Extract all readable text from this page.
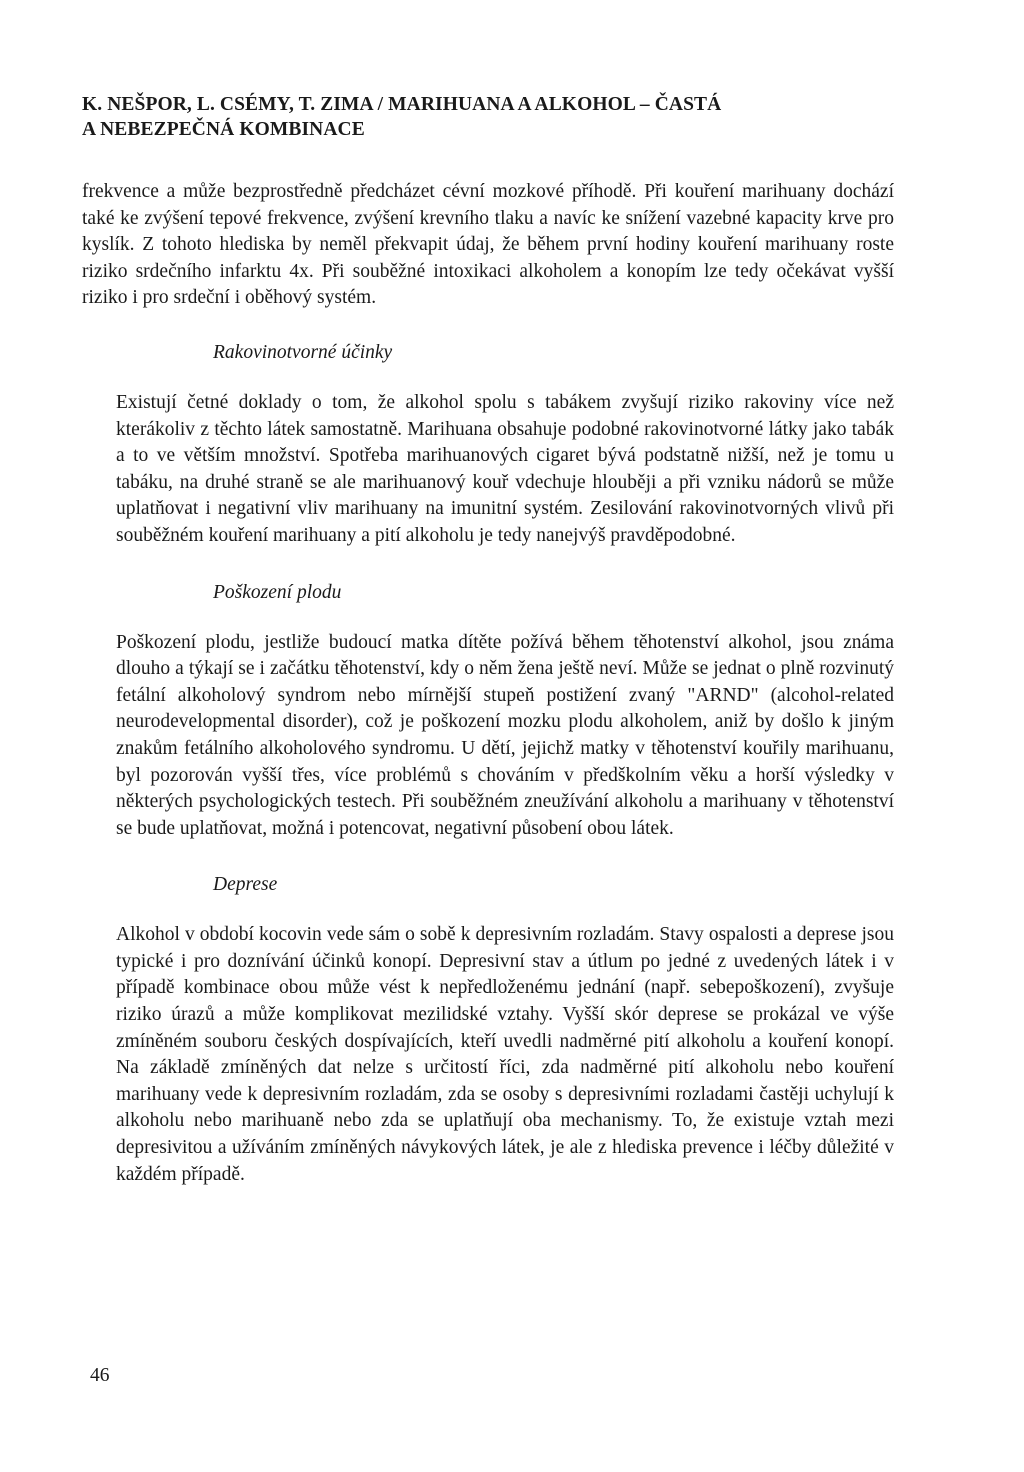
K. NEŠPOR, L. CSÉMY, T. ZIMA / MARIHUANA A ALKOHOL – ČASTÁ
A NEBEZPEČNÁ KOMBINACE

frekvence a může bezprostředně předcházet cévní mozkové příhodě. Při kouření marihuany dochází také ke zvýšení tepové frekvence, zvýšení krevního tlaku a navíc ke snížení vazebné kapacity krve pro kyslík. Z tohoto hlediska by neměl překvapit údaj, že během první hodiny kouření marihuany roste riziko srdečního infarktu 4x. Při souběžné intoxikaci alkoholem a konopím lze tedy očekávat vyšší riziko i pro srdeční i oběhový systém.

Rakovinotvorné účinky

Existují četné doklady o tom, že alkohol spolu s tabákem zvyšují riziko rakoviny více než kterákoliv z těchto látek samostatně. Marihuana obsahuje podobné rakovinotvorné látky jako tabák a to ve větším množství. Spotřeba marihuanových cigaret bývá podstatně nižší, než je tomu u tabáku, na druhé straně se ale marihuanový kouř vdechuje hlouběji a při vzniku nádorů se může uplatňovat i negativní vliv marihuany na imunitní systém. Zesilování rakovinotvorných vlivů při souběžném kouření marihuany a pití alkoholu je tedy nanejvýš pravděpodobné.

Poškození plodu

Poškození plodu, jestliže budoucí matka dítěte požívá během těhotenství alkohol, jsou známa dlouho a týkají se i začátku těhotenství, kdy o něm žena ještě neví. Může se jednat o plně rozvinutý fetální alkoholový syndrom nebo mírnější stupeň postižení zvaný "ARND" (alcohol-related neurodevelopmental disorder), což je poškození mozku plodu alkoholem, aniž by došlo k jiným znakům fetálního alkoholového syndromu. U dětí, jejichž matky v těhotenství kouřily marihuanu, byl pozorován vyšší třes, více problémů s chováním v předškolním věku a horší výsledky v některých psychologických testech. Při souběžném zneužívání alkoholu a marihuany v těhotenství se bude uplatňovat, možná i potencovat, negativní působení obou látek.

Deprese

Alkohol v období kocovin vede sám o sobě k depresivním rozladám. Stavy ospalosti a deprese jsou typické i pro doznívání účinků konopí. Depresivní stav a útlum po jedné z uvedených látek i v případě kombinace obou může vést k nepředloženému jednání (např. sebepoškození), zvyšuje riziko úrazů a může komplikovat mezilidské vztahy. Vyšší skór deprese se prokázal ve výše zmíněném souboru českých dospívajících, kteří uvedli nadměrné pití alkoholu a kouření konopí. Na základě zmíněných dat nelze s určitostí říci, zda nadměrné pití alkoholu nebo kouření marihuany vede k depresivním rozladám, zda se osoby s depresivními rozladami častěji uchylují k alkoholu nebo marihuaně nebo zda se uplatňují oba mechanismy. To, že existuje vztah mezi depresivitou a užíváním zmíněných návykových látek, je ale z hlediska prevence i léčby důležité v každém případě.

46
